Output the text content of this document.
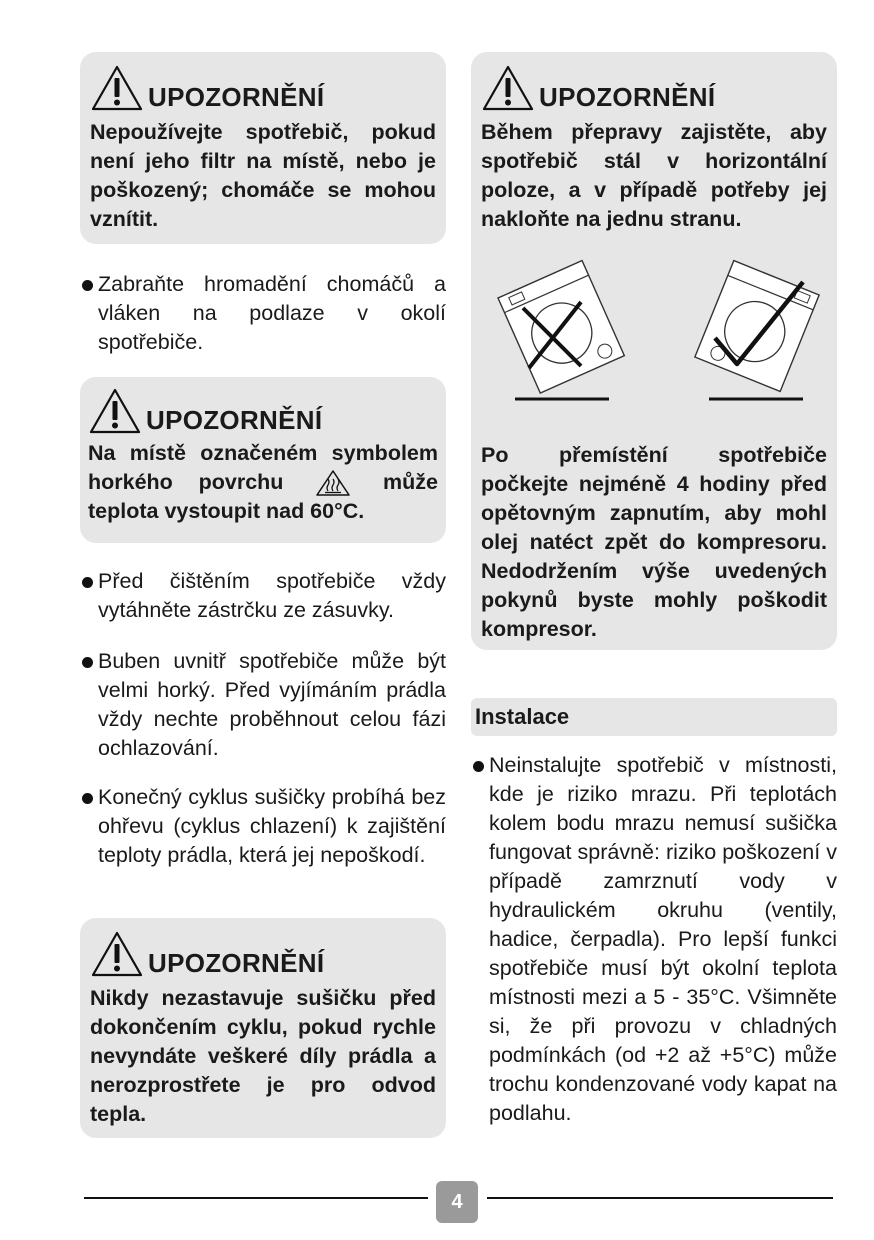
UPOZORNĚNÍ
Nepoužívejte spotřebič, pokud není jeho filtr na místě, nebo je poškozený; chomáče se mohou vznítit.
Zabraňte hromadění chomáčů a vláken na podlaze v okolí spotřebiče.
UPOZORNĚNÍ
Na místě označeném symbolem horkého povrchu	může teplota vystoupit nad 60°C.
Před čištěním spotřebiče vždy vytáhněte zástrčku ze zásuvky.
Buben uvnitř spotřebiče může být velmi horký. Před vyjímáním prádla vždy nechte proběhnout celou fázi ochlazování.
Konečný cyklus sušičky probíhá bez ohřevu (cyklus chlazení) k zajištění teploty prádla, která jej nepoškodí.
UPOZORNĚNÍ
Nikdy nezastavuje sušičku před dokončením cyklu, pokud rychle nevyndáte veškeré díly prádla a nerozprostřete je pro odvod tepla.
UPOZORNĚNÍ
Během přepravy zajistěte, aby spotřebič stál v horizontální poloze, a v případě potřeby jej nakloňte na jednu stranu.
Po přemístění spotřebiče počkejte nejméně 4 hodiny před opětovným zapnutím, aby mohl olej natéct zpět do kompresoru. Nedodržením výše uvedených pokynů byste mohly poškodit kompresor.
Instalace
Neinstalujte spotřebič v místnosti, kde je riziko mrazu. Při teplotách kolem bodu mrazu nemusí sušička fungovat správně: riziko poškození v případě zamrznutí vody v hydraulickém okruhu (ventily, hadice, čerpadla). Pro lepší funkci spotřebiče musí být okolní teplota místnosti mezi a 5 - 35°C. Všimněte si, že při provozu v chladných podmínkách (od +2 až +5°C) může trochu kondenzované vody kapat na podlahu.
4
